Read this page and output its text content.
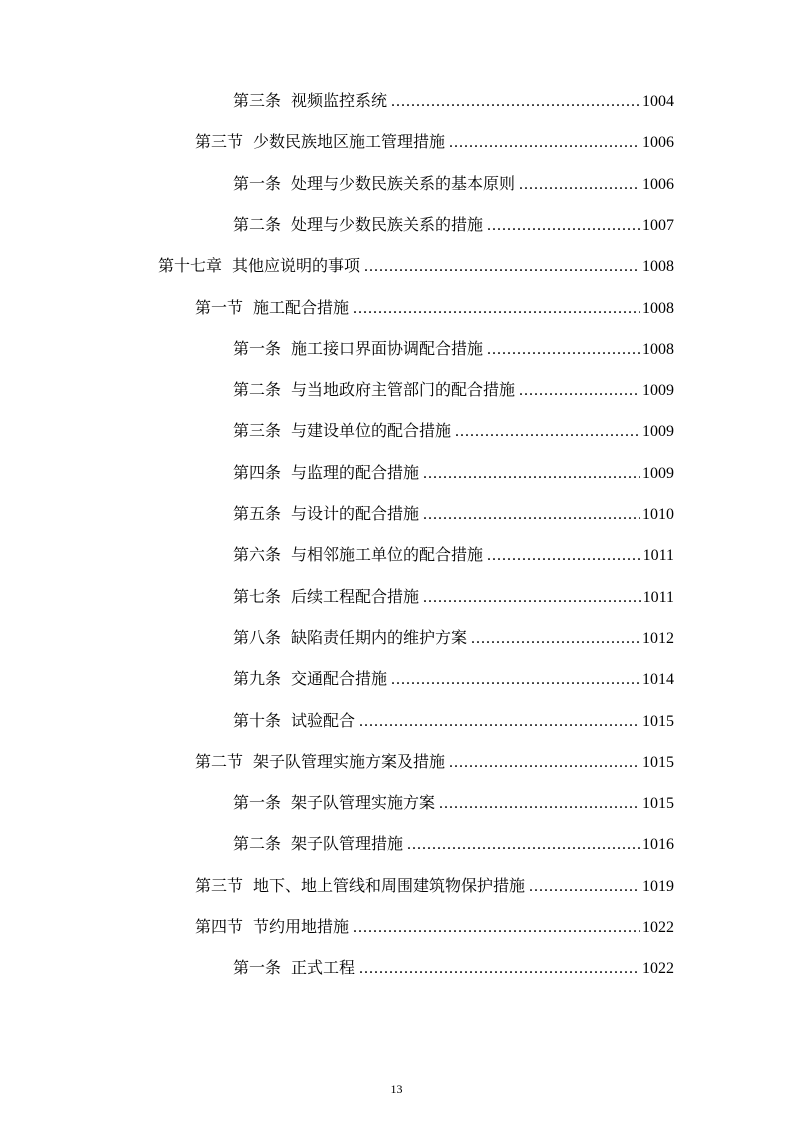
第三条 视频监控系统 .....	1004
第三节 少数民族地区施工管理措施 .....	1006
第一条 处理与少数民族关系的基本原则 .....	1006
第二条 处理与少数民族关系的措施 .....	1007
第十七章 其他应说明的事项 .....	1008
第一节 施工配合措施 .....	1008
第一条 施工接口界面协调配合措施 .....	1008
第二条 与当地政府主管部门的配合措施 .....	1009
第三条 与建设单位的配合措施 .....	1009
第四条 与监理的配合措施 .....	1009
第五条 与设计的配合措施 .....	1010
第六条 与相邻施工单位的配合措施 .....	1011
第七条 后续工程配合措施 .....	1011
第八条 缺陷责任期内的维护方案 .....	1012
第九条 交通配合措施 .....	1014
第十条 试验配合 .....	1015
第二节 架子队管理实施方案及措施 .....	1015
第一条 架子队管理实施方案 .....	1015
第二条 架子队管理措施 .....	1016
第三节 地下、地上管线和周围建筑物保护措施 .....	1019
第四节 节约用地措施 .....	1022
第一条 正式工程 .....	1022
13
